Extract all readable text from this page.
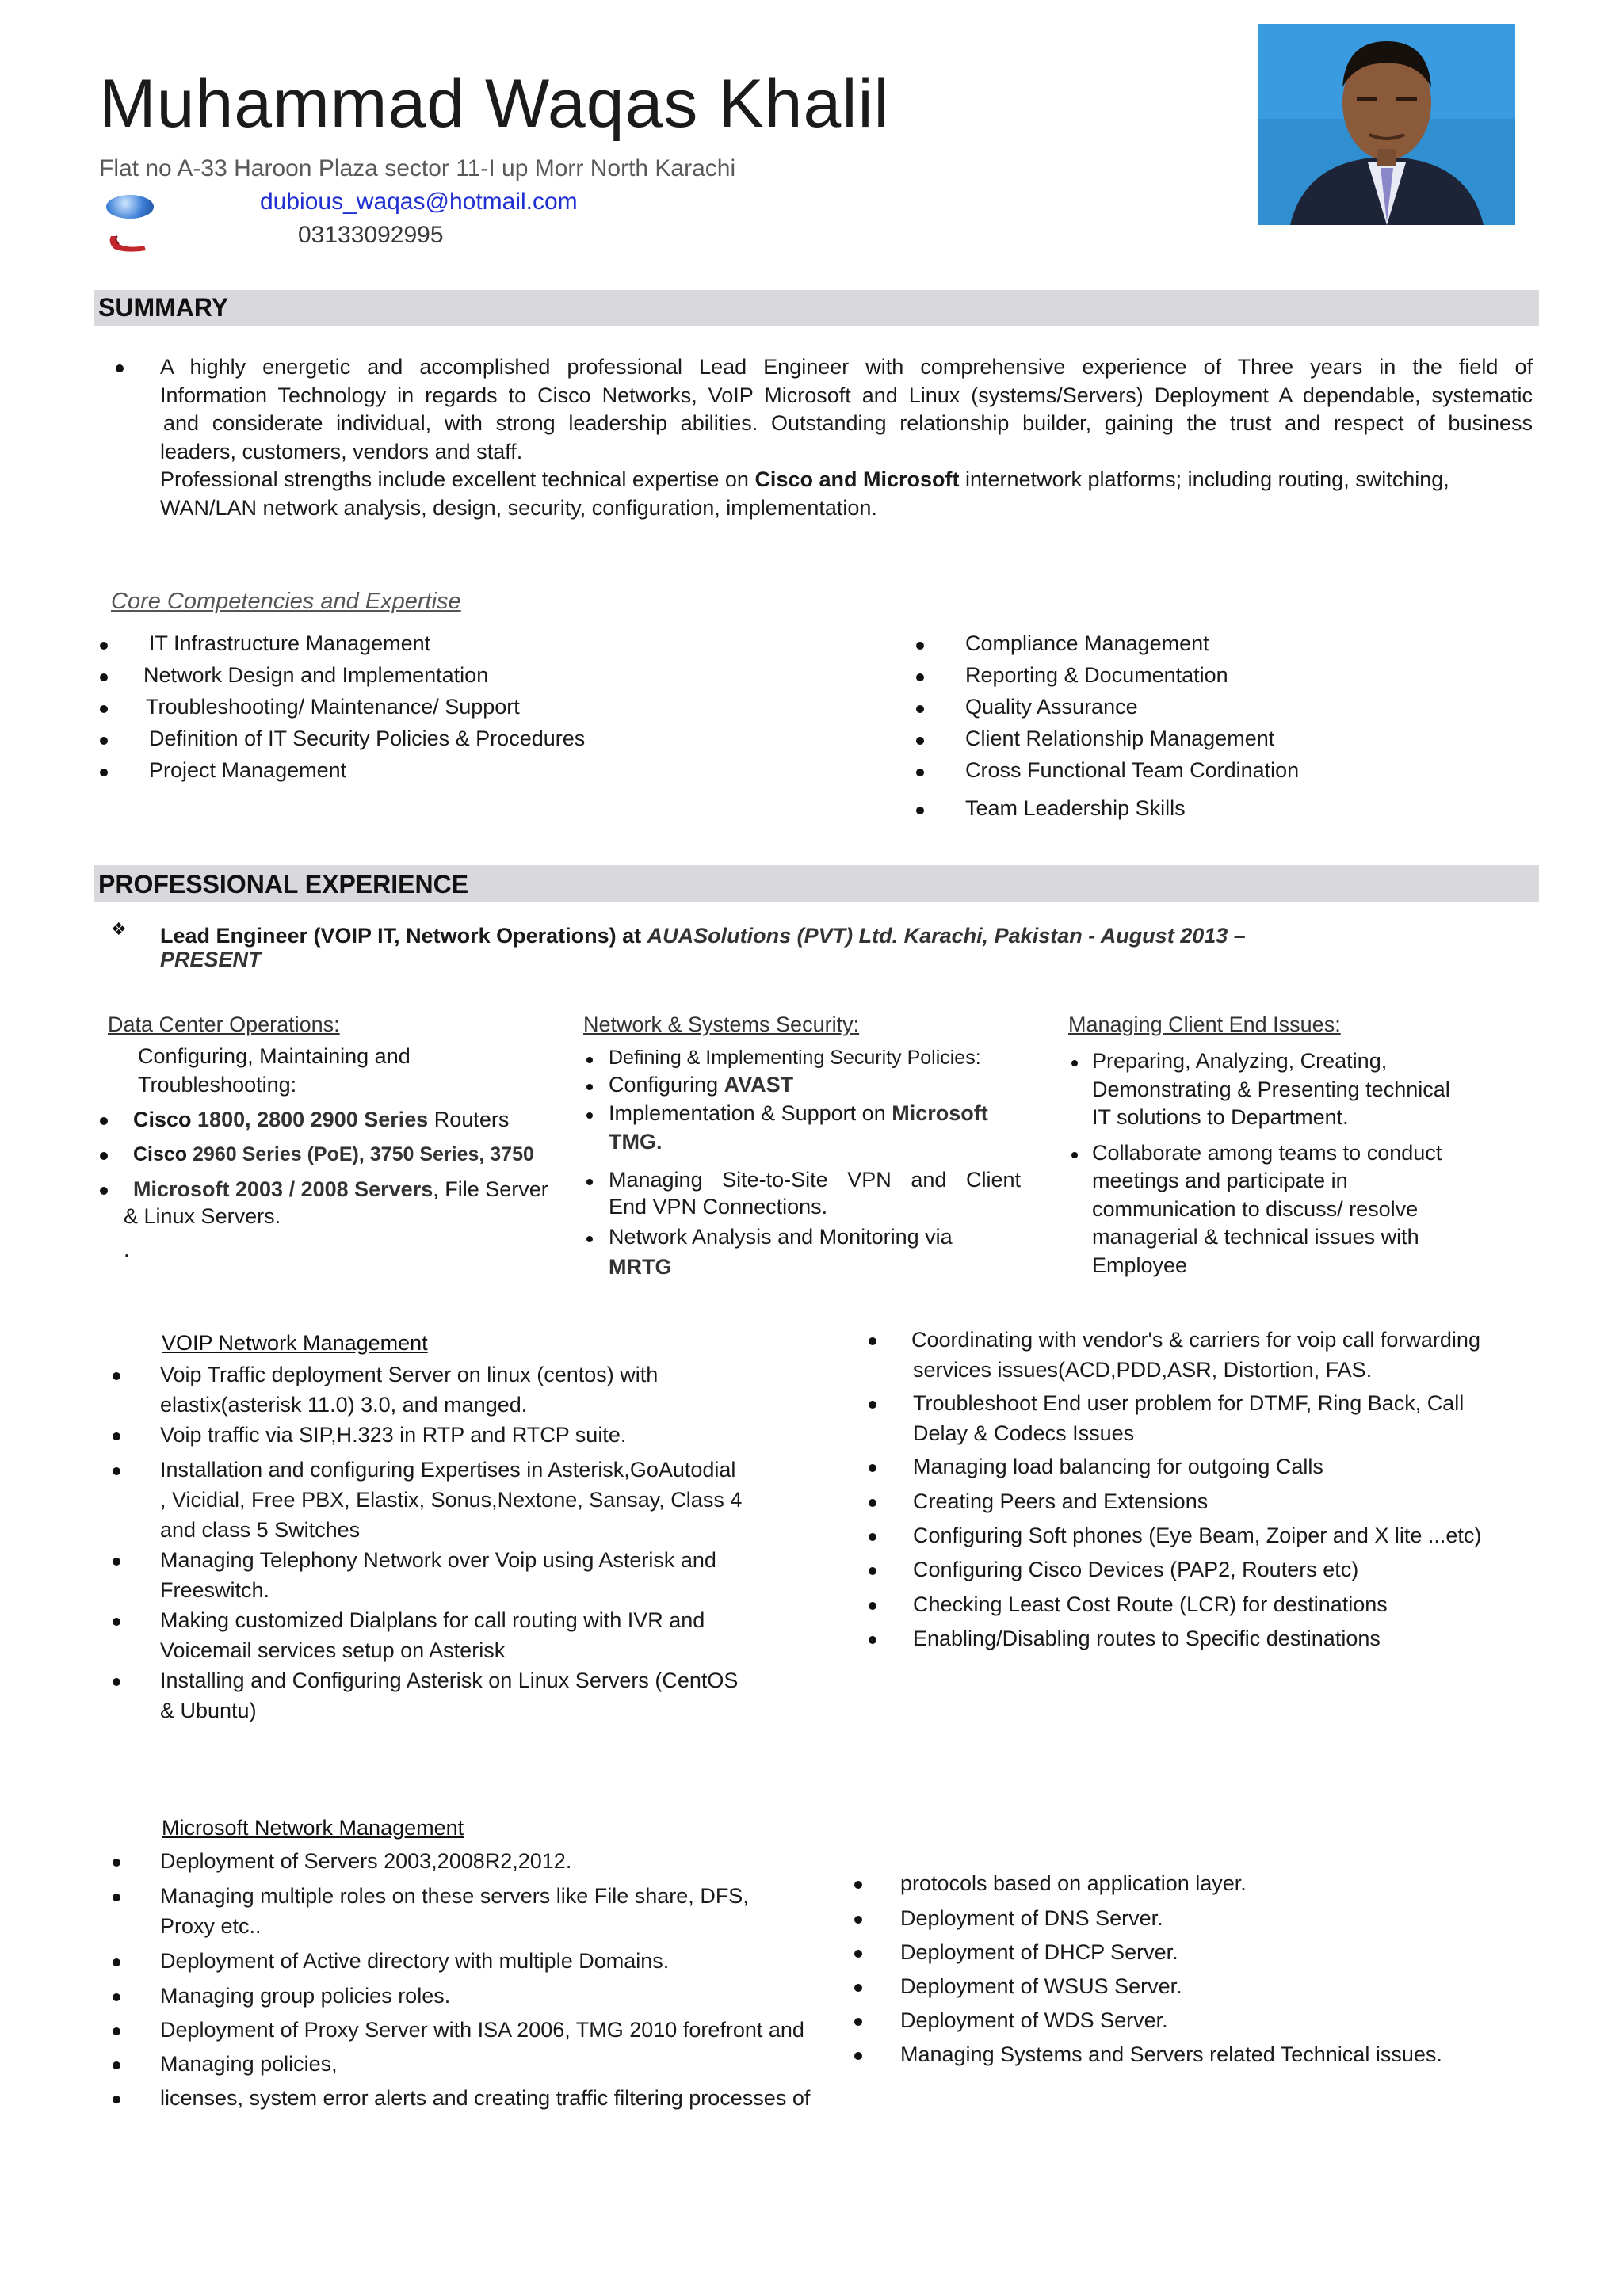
Muhammad Waqas Khalil
Flat no A-33 Haroon Plaza sector 11-I up Morr North Karachi
dubious_waqas@hotmail.com
03133092995
SUMMARY
A highly energetic and accomplished professional Lead Engineer with comprehensive experience of Three years in the field of
Information Technology in regards to Cisco Networks, VoIP Microsoft and Linux (systems/Servers) Deployment A dependable, systematic
and considerate individual, with strong leadership abilities. Outstanding relationship builder, gaining the trust and respect of business
leaders, customers, vendors and staff.
Professional strengths include excellent technical expertise on Cisco and Microsoft internetwork platforms; including routing, switching,
WAN/LAN network analysis, design, security, configuration, implementation.
Core Competencies and Expertise
IT Infrastructure Management
Network Design and Implementation
Troubleshooting/ Maintenance/ Support
Definition of IT Security Policies & Procedures
Project Management
Compliance Management
Reporting & Documentation
Quality Assurance
Client Relationship Management
Cross Functional Team Cordination
Team Leadership Skills
PROFESSIONAL EXPERIENCE
❖ Lead Engineer (VOIP IT, Network Operations) at AUASolutions (PVT) Ltd. Karachi, Pakistan - August 2013 –
PRESENT
Data Center Operations:
Configuring, Maintaining and
Troubleshooting:
Cisco 1800, 2800 2900 Series Routers
Cisco 2960 Series (PoE), 3750 Series, 3750
Microsoft 2003 / 2008 Servers, File Server
& Linux Servers.
.
Network & Systems Security:
Defining & Implementing Security Policies:
Configuring AVAST
Implementation & Support on Microsoft
TMG.
Managing Site-to-Site VPN and Client
End VPN Connections.
Network Analysis and Monitoring via
MRTG
Managing Client End Issues:
Preparing, Analyzing, Creating,
Demonstrating & Presenting technical
IT solutions to Department.
Collaborate among teams to conduct
meetings and participate in
communication to discuss/ resolve
managerial & technical issues with
Employee
VOIP Network Management
Voip Traffic deployment Server on linux (centos) with
elastix(asterisk 11.0) 3.0, and manged.
Voip traffic via SIP,H.323 in RTP and RTCP suite.
Installation and configuring Expertises in Asterisk,GoAutodial
, Vicidial, Free PBX, Elastix, Sonus,Nextone, Sansay, Class 4
and class 5 Switches
Managing Telephony Network over Voip using Asterisk and
Freeswitch.
Making customized Dialplans for call routing with IVR and
Voicemail services setup on Asterisk
Installing and Configuring Asterisk on Linux Servers (CentOS
& Ubuntu)
Coordinating with vendor's & carriers for voip call forwarding
services issues(ACD,PDD,ASR, Distortion, FAS.
Troubleshoot End user problem for DTMF, Ring Back, Call
Delay & Codecs Issues
Managing load balancing for outgoing Calls
Creating Peers and Extensions
Configuring Soft phones (Eye Beam, Zoiper and X lite ...etc)
Configuring Cisco Devices (PAP2, Routers etc)
Checking Least Cost Route (LCR) for destinations
Enabling/Disabling routes to Specific destinations
Microsoft Network Management
Deployment of Servers 2003,2008R2,2012.
Managing multiple roles on these servers like File share, DFS,
Proxy etc..
Deployment of Active directory with multiple Domains.
Managing group policies roles.
Deployment of Proxy Server with ISA 2006, TMG 2010 forefront and
Managing policies,
licenses, system error alerts and creating traffic filtering processes of
protocols based on application layer.
Deployment of DNS Server.
Deployment of DHCP Server.
Deployment of WSUS Server.
Deployment of WDS Server.
Managing Systems and Servers related Technical issues.
